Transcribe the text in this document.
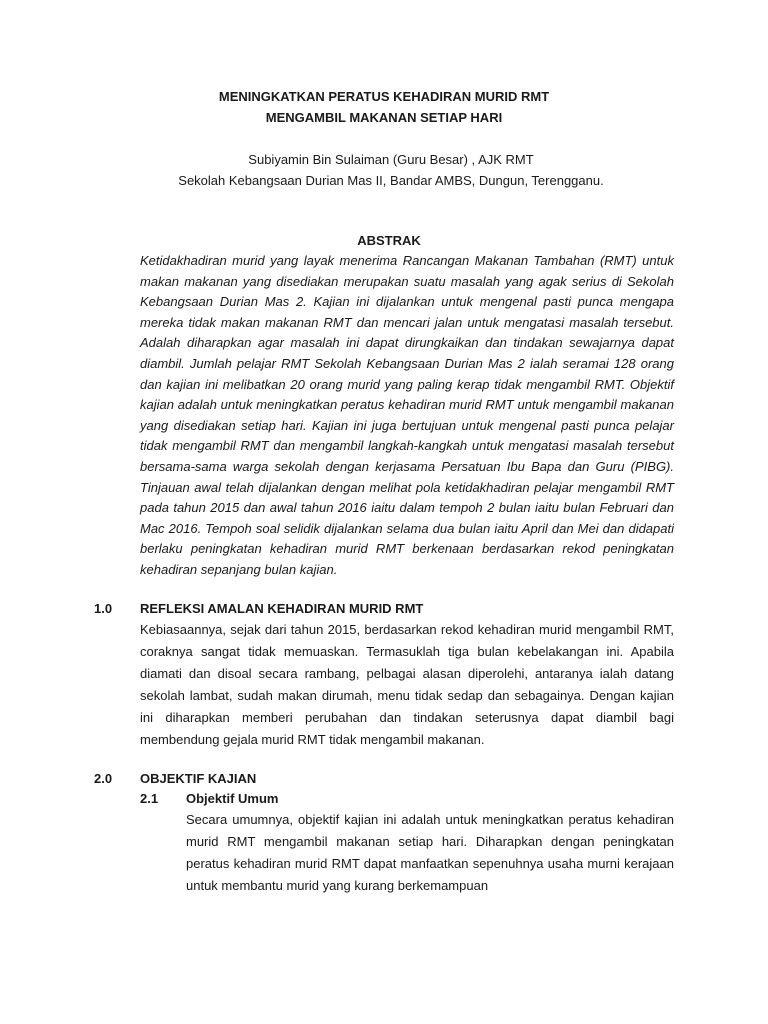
MENINGKATKAN PERATUS KEHADIRAN MURID RMT
MENGAMBIL MAKANAN SETIAP HARI
Subiyamin Bin Sulaiman (Guru Besar) , AJK RMT
Sekolah Kebangsaan Durian Mas II, Bandar AMBS, Dungun, Terengganu.
ABSTRAK

Ketidakhadiran murid yang layak menerima Rancangan Makanan Tambahan (RMT) untuk makan makanan yang disediakan merupakan suatu masalah yang agak serius di Sekolah Kebangsaan Durian Mas 2. Kajian ini dijalankan untuk mengenal pasti punca mengapa mereka tidak makan makanan RMT dan mencari jalan untuk mengatasi masalah tersebut. Adalah diharapkan agar masalah ini dapat dirungkaikan dan tindakan sewajarnya dapat diambil. Jumlah pelajar RMT Sekolah Kebangsaan Durian Mas 2 ialah seramai 128 orang dan kajian ini melibatkan 20 orang murid yang paling kerap tidak mengambil RMT. Objektif kajian adalah untuk meningkatkan peratus kehadiran murid RMT untuk mengambil makanan yang disediakan setiap hari. Kajian ini juga bertujuan untuk mengenal pasti punca pelajar tidak mengambil RMT dan mengambil langkah-kangkah untuk mengatasi masalah tersebut bersama-sama warga sekolah dengan kerjasama Persatuan Ibu Bapa dan Guru (PIBG). Tinjauan awal telah dijalankan dengan melihat pola ketidakhadiran pelajar mengambil RMT pada tahun 2015 dan awal tahun 2016 iaitu dalam tempoh 2 bulan iaitu bulan Februari dan Mac 2016. Tempoh soal selidik dijalankan selama dua bulan iaitu April dan Mei dan didapati berlaku peningkatan kehadiran murid RMT berkenaan berdasarkan rekod peningkatan kehadiran sepanjang bulan kajian.

1.0	REFLEKSI AMALAN KEHADIRAN MURID RMT

Kebiasaannya, sejak dari tahun 2015, berdasarkan rekod kehadiran murid mengambil RMT, coraknya sangat tidak memuaskan. Termasuklah tiga bulan kebelakangan ini. Apabila diamati dan disoal secara rambang, pelbagai alasan diperolehi, antaranya ialah datang sekolah lambat, sudah makan dirumah, menu tidak sedap dan sebagainya. Dengan kajian ini diharapkan memberi perubahan dan tindakan seterusnya dapat diambil bagi membendung gejala murid RMT tidak mengambil makanan.

2.0	OBJEKTIF KAJIAN
2.1	Objektif Umum

Secara umumnya, objektif kajian ini adalah untuk meningkatkan peratus kehadiran murid RMT mengambil makanan setiap hari. Diharapkan dengan peningkatan peratus kehadiran murid RMT dapat manfaatkan sepenuhnya usaha murni kerajaan untuk membantu murid yang kurang berkemampuan
